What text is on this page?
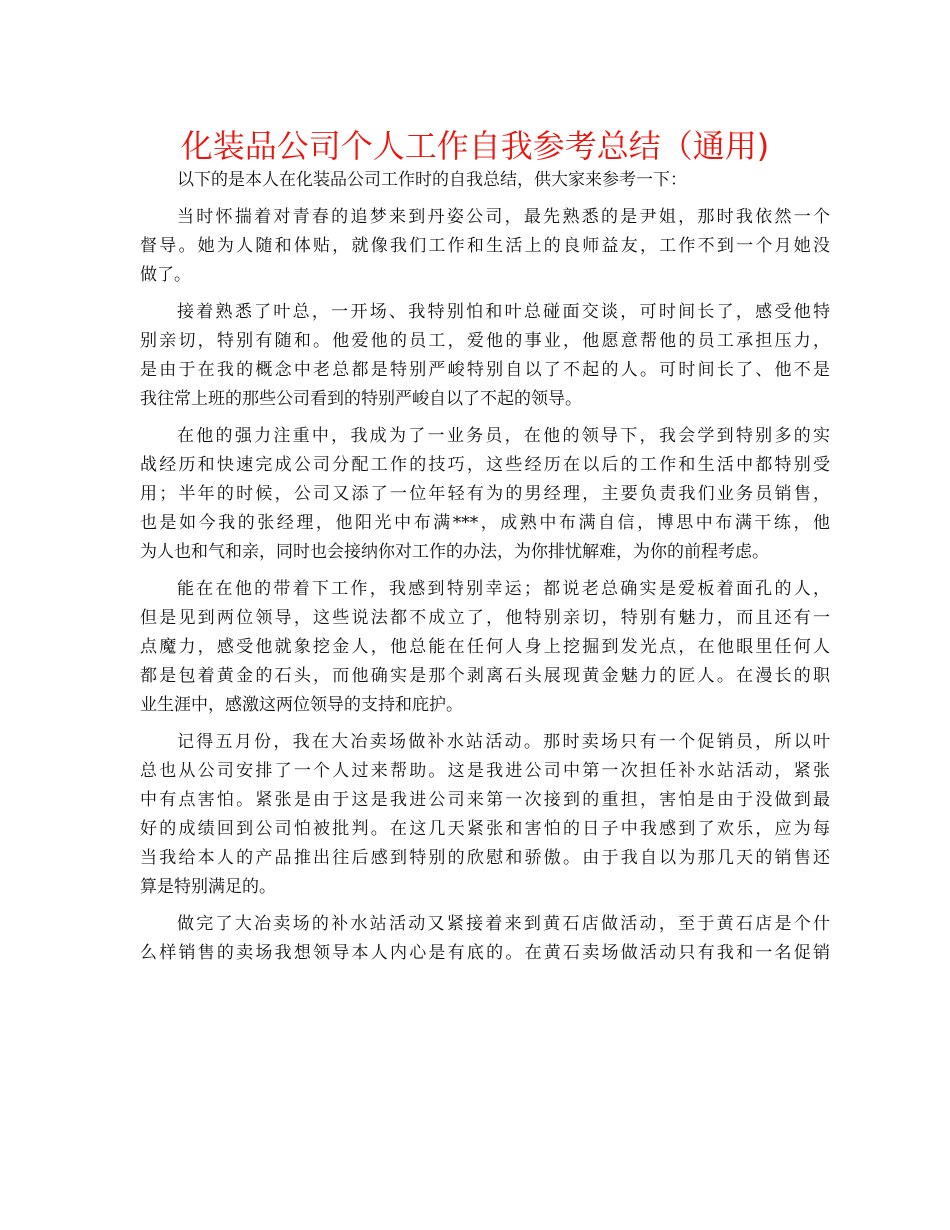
化装品公司个人工作自我参考总结（通用)
以下的是本人在化装品公司工作时的自我总结，供大家来参考一下：
当时怀揣着对青春的追梦来到丹姿公司，最先熟悉的是尹姐，那时我依然一个
督导。她为人随和体贴，就像我们工作和生活上的良师益友，工作不到一个月她没
做了。
接着熟悉了叶总，一开场、我特别怕和叶总碰面交谈，可时间长了，感受他特
别亲切，特别有随和。他爱他的员工，爱他的事业，他愿意帮他的员工承担压力，
是由于在我的概念中老总都是特别严峻特别自以了不起的人。可时间长了、他不是
我往常上班的那些公司看到的特别严峻自以了不起的领导。
在他的强力注重中，我成为了一业务员，在他的领导下，我会学到特别多的实
战经历和快速完成公司分配工作的技巧，这些经历在以后的工作和生活中都特别受
用；半年的时候，公司又添了一位年轻有为的男经理，主要负责我们业务员销售，
也是如今我的张经理，他阳光中布满***，成熟中布满自信，博思中布满干练，他
为人也和气和亲，同时也会接纳你对工作的办法，为你排忧解难，为你的前程考虑。
能在在他的带着下工作，我感到特别幸运；都说老总确实是爱板着面孔的人，
但是见到两位领导，这些说法都不成立了，他特别亲切，特别有魅力，而且还有一
点魔力，感受他就象挖金人，他总能在任何人身上挖掘到发光点，在他眼里任何人
都是包着黄金的石头，而他确实是那个剥离石头展现黄金魅力的匠人。在漫长的职
业生涯中，感激这两位领导的支持和庇护。
记得五月份，我在大冶卖场做补水站活动。那时卖场只有一个促销员，所以叶
总也从公司安排了一个人过来帮助。这是我进公司中第一次担任补水站活动，紧张
中有点害怕。紧张是由于这是我进公司来第一次接到的重担，害怕是由于没做到最
好的成绩回到公司怕被批判。在这几天紧张和害怕的日子中我感到了欢乐，应为每
当我给本人的产品推出往后感到特别的欣慰和骄傲。由于我自以为那几天的销售还
算是特别满足的。
做完了大冶卖场的补水站活动又紧接着来到黄石店做活动，至于黄石店是个什
么样销售的卖场我想领导本人内心是有底的。在黄石卖场做活动只有我和一名促销
